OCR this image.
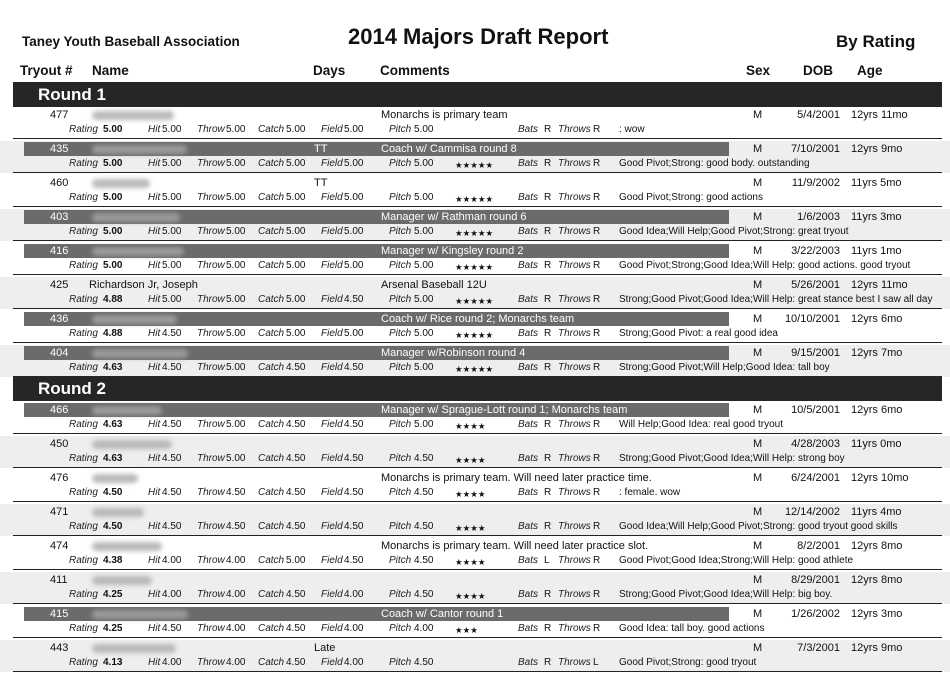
Taney Youth Baseball Association	2014 Majors Draft Report	By Rating
Tryout # Name	Days	Comments	Sex DOB Age
Round 1
477	Monarchs is primary team	M	5/4/2001 12yrs 11mo
Rating 5.00	Hit 5.00 Throw 5.00 Catch 5.00 Field 5.00	Pitch 5.00	Bats R Throws R : wow
435	TT	Coach w/ Cammisa round 8	M	7/10/2001 12yrs 9mo
Rating 5.00	Hit 5.00 Throw 5.00 Catch 5.00 Field 5.00	Pitch 5.00	★★★★★ Bats R Throws R Good Pivot;Strong: good body. outstanding
460	TT	M	11/9/2002 11yrs 5mo
Rating 5.00	Hit 5.00 Throw 5.00 Catch 5.00 Field 5.00	Pitch 5.00	★★★★★ Bats R Throws R Good Pivot;Strong: good actions
403	Manager w/ Rathman round 6	M	1/6/2003 11yrs 3mo
Rating 5.00	Hit 5.00 Throw 5.00 Catch 5.00 Field 5.00	Pitch 5.00	★★★★★ Bats R Throws R Good Idea;Will Help;Good Pivot;Strong: great tryout
416	Manager w/ Kingsley round 2	M	3/22/2003 11yrs 1mo
Rating 5.00	Hit 5.00 Throw 5.00 Catch 5.00 Field 5.00	Pitch 5.00	★★★★★ Bats R Throws R Good Pivot;Strong;Good Idea;Will Help: good actions. good tryout
425 Richardson Jr, Joseph	Arsenal Baseball 12U	M	5/26/2001 12yrs 11mo
Rating 4.88	Hit 5.00 Throw 5.00 Catch 5.00 Field 4.50	Pitch 5.00	★★★★★ Bats R Throws R Strong;Good Pivot;Good Idea;Will Help: great stance best I saw all day
436	Coach w/ Rice round 2; Monarchs team	M 10/10/2001 12yrs 6mo
Rating 4.88	Hit 4.50 Throw 5.00 Catch 5.00 Field 5.00	Pitch 5.00	★★★★★ Bats R Throws R Strong;Good Pivot: a real good idea
404	Manager w/Robinson round 4	M	9/15/2001 12yrs 7mo
Rating 4.63	Hit 4.50 Throw 5.00 Catch 4.50 Field 4.50	Pitch 5.00	★★★★★ Bats R Throws R Strong;Good Pivot;Will Help;Good Idea: tall boy
Round 2
466	Manager w/ Sprague-Lott round 1; Monarchs team	M	10/5/2001 12yrs 6mo
Rating 4.63	Hit 4.50 Throw 5.00 Catch 4.50 Field 4.50	Pitch 5.00	★★★★	Bats R Throws R Will Help;Good Idea: real good tryout
450	M	4/28/2003 11yrs 0mo
Rating 4.63	Hit 4.50 Throw 5.00 Catch 4.50 Field 4.50	Pitch 4.50	★★★★	Bats R Throws R Strong;Good Pivot;Good Idea;Will Help: strong boy
476	Monarchs is primary team. Will need later practice time.	M	6/24/2001 12yrs 10mo
Rating 4.50	Hit 4.50 Throw 4.50 Catch 4.50 Field 4.50	Pitch 4.50	★★★★	Bats R Throws R : female. wow
471	M 12/14/2002 11yrs 4mo
Rating 4.50	Hit 4.50 Throw 4.50 Catch 4.50 Field 4.50	Pitch 4.50	★★★★	Bats R Throws R Good Idea;Will Help;Good Pivot;Strong: good tryout good skills
474	Monarchs is primary team. Will need later practice slot.	M	8/2/2001 12yrs 8mo
Rating 4.38	Hit 4.00 Throw 4.00 Catch 5.00 Field 4.50	Pitch 4.50	★★★★	Bats L Throws R Good Pivot;Good Idea;Strong;Will Help: good athlete
411	M	8/29/2001 12yrs 8mo
Rating 4.25	Hit 4.00 Throw 4.00 Catch 4.50 Field 4.00	Pitch 4.50	★★★★	Bats R Throws R Strong;Good Pivot;Good Idea;Will Help: big boy.
415	Coach w/ Cantor round 1	M	1/26/2002 12yrs 3mo
Rating 4.25	Hit 4.50 Throw 4.00 Catch 4.50 Field 4.00	Pitch 4.00	★★★	Bats R Throws R Good Idea: tall boy. good actions
443	Late	M	7/3/2001 12yrs 9mo
Rating 4.13	Hit 4.00 Throw 4.00 Catch 4.50 Field 4.00	Pitch 4.50	Bats R Throws L Good Pivot;Strong: good tryout
